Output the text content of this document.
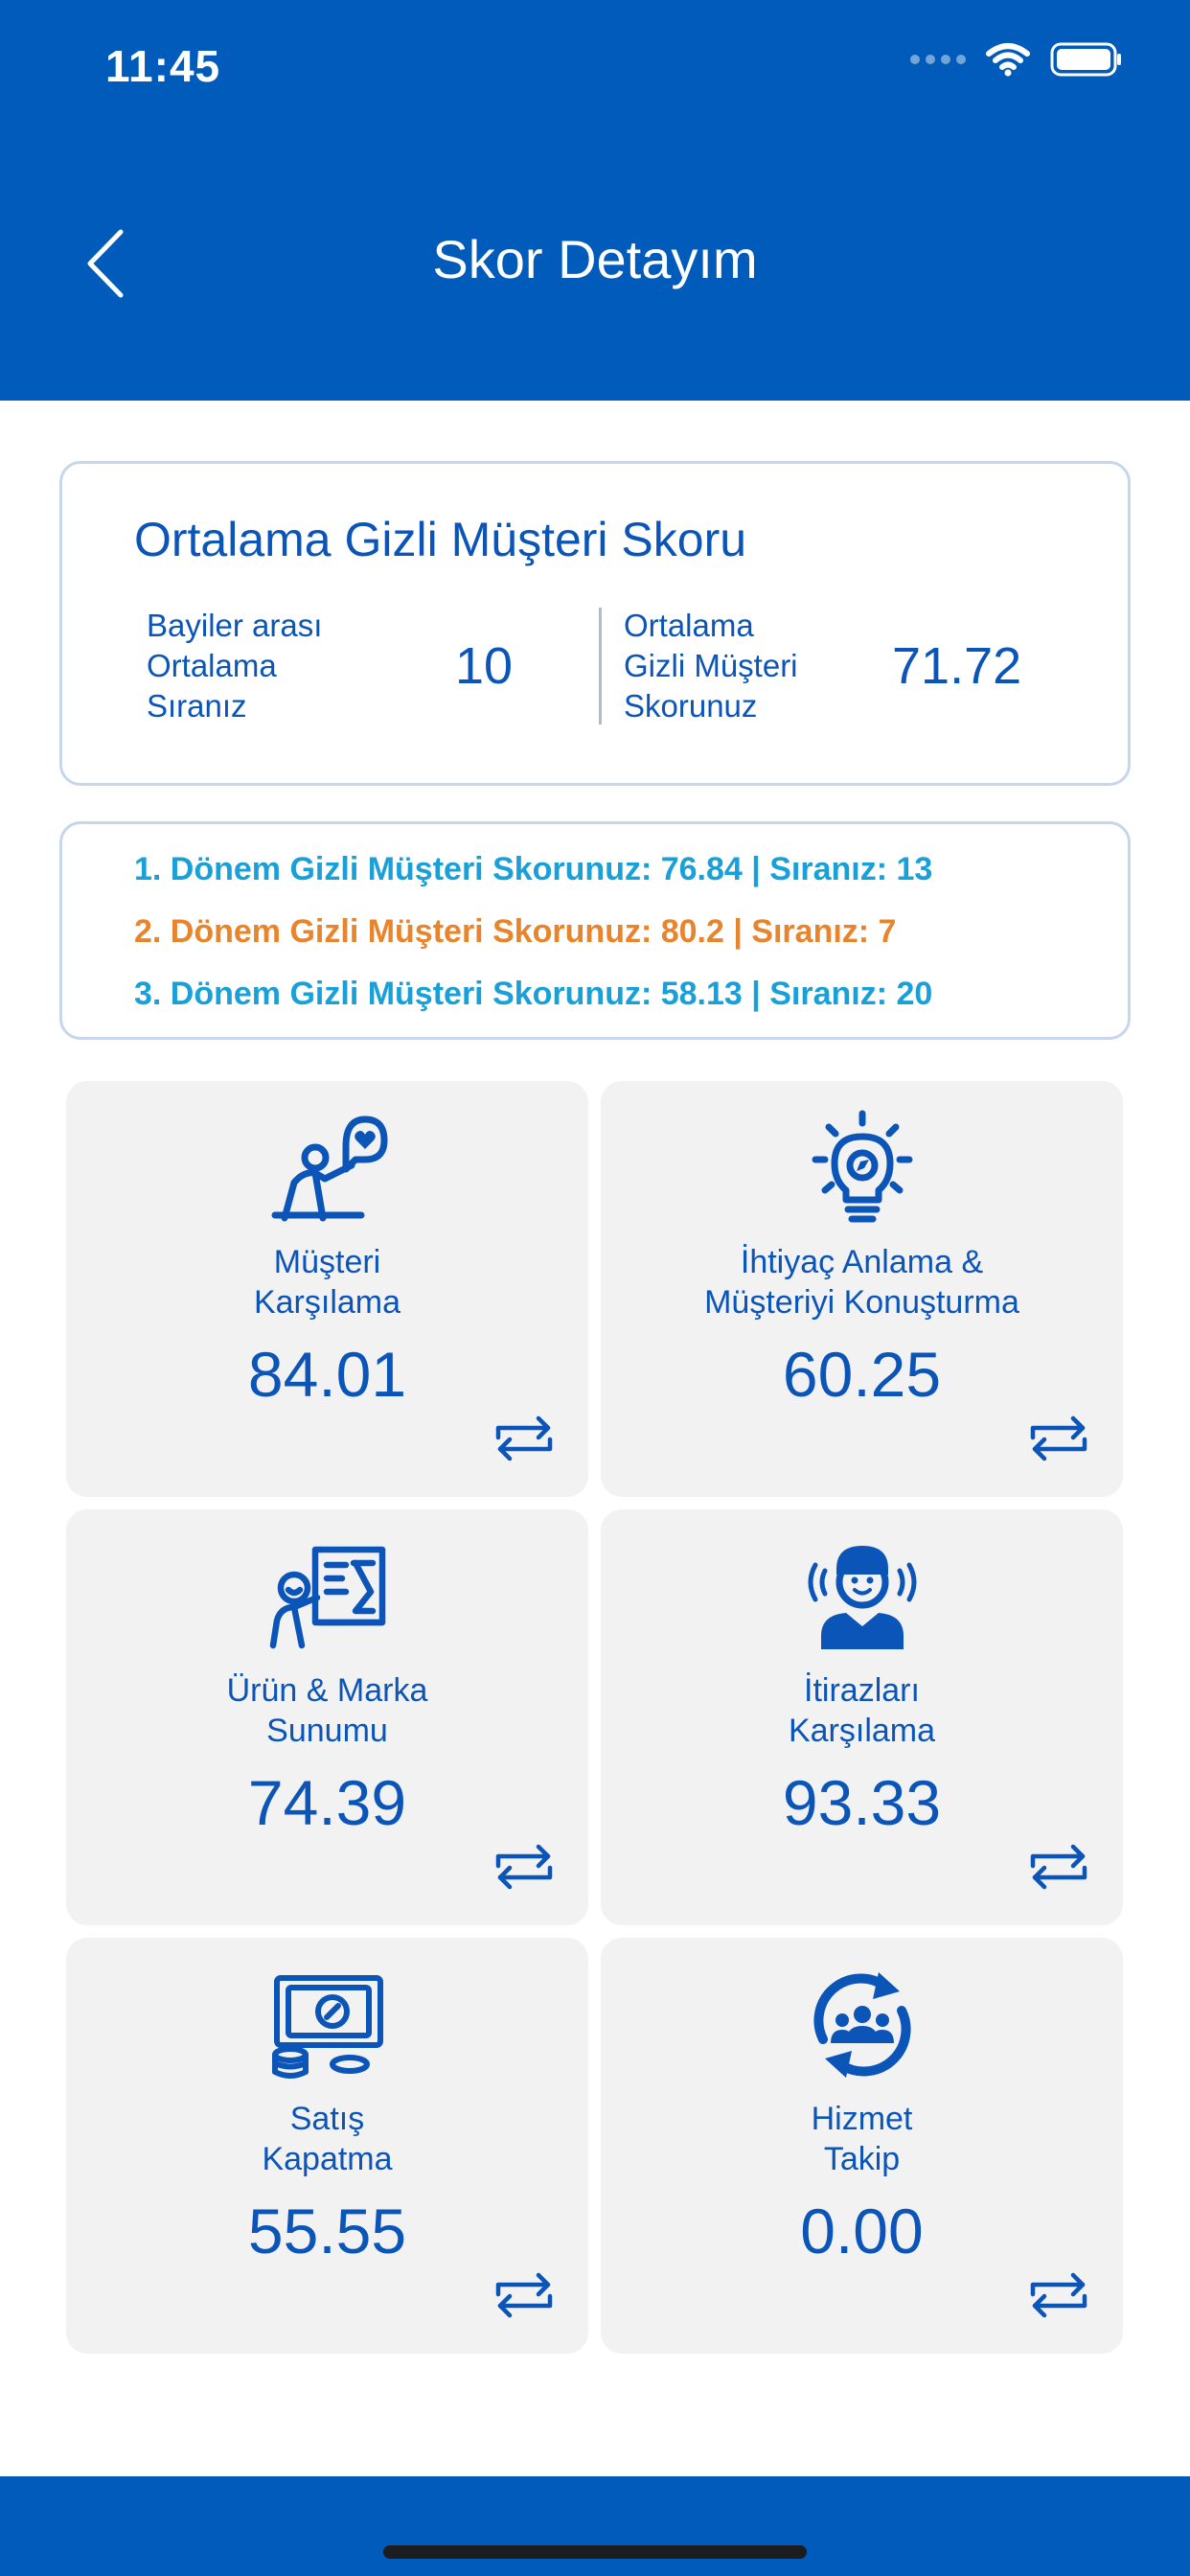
11:45
Skor Detayım
Ortalama Gizli Müşteri Skoru
Bayiler arası
Ortalama
Sıranız
10
Ortalama
Gizli Müşteri
Skorunuz
71.72
1. Dönem Gizli Müşteri Skorunuz: 76.84 | Sıranız: 13
2. Dönem Gizli Müşteri Skorunuz: 80.2 | Sıranız: 7
3. Dönem Gizli Müşteri Skorunuz: 58.13 | Sıranız: 20
Müşteri
Karşılama
84.01
İhtiyaç Anlama &
Müşteriyi Konuşturma
60.25
Ürün & Marka
Sunumu
74.39
İtirazları
Karşılama
93.33
Satış
Kapatma
55.55
Hizmet
Takip
0.00
